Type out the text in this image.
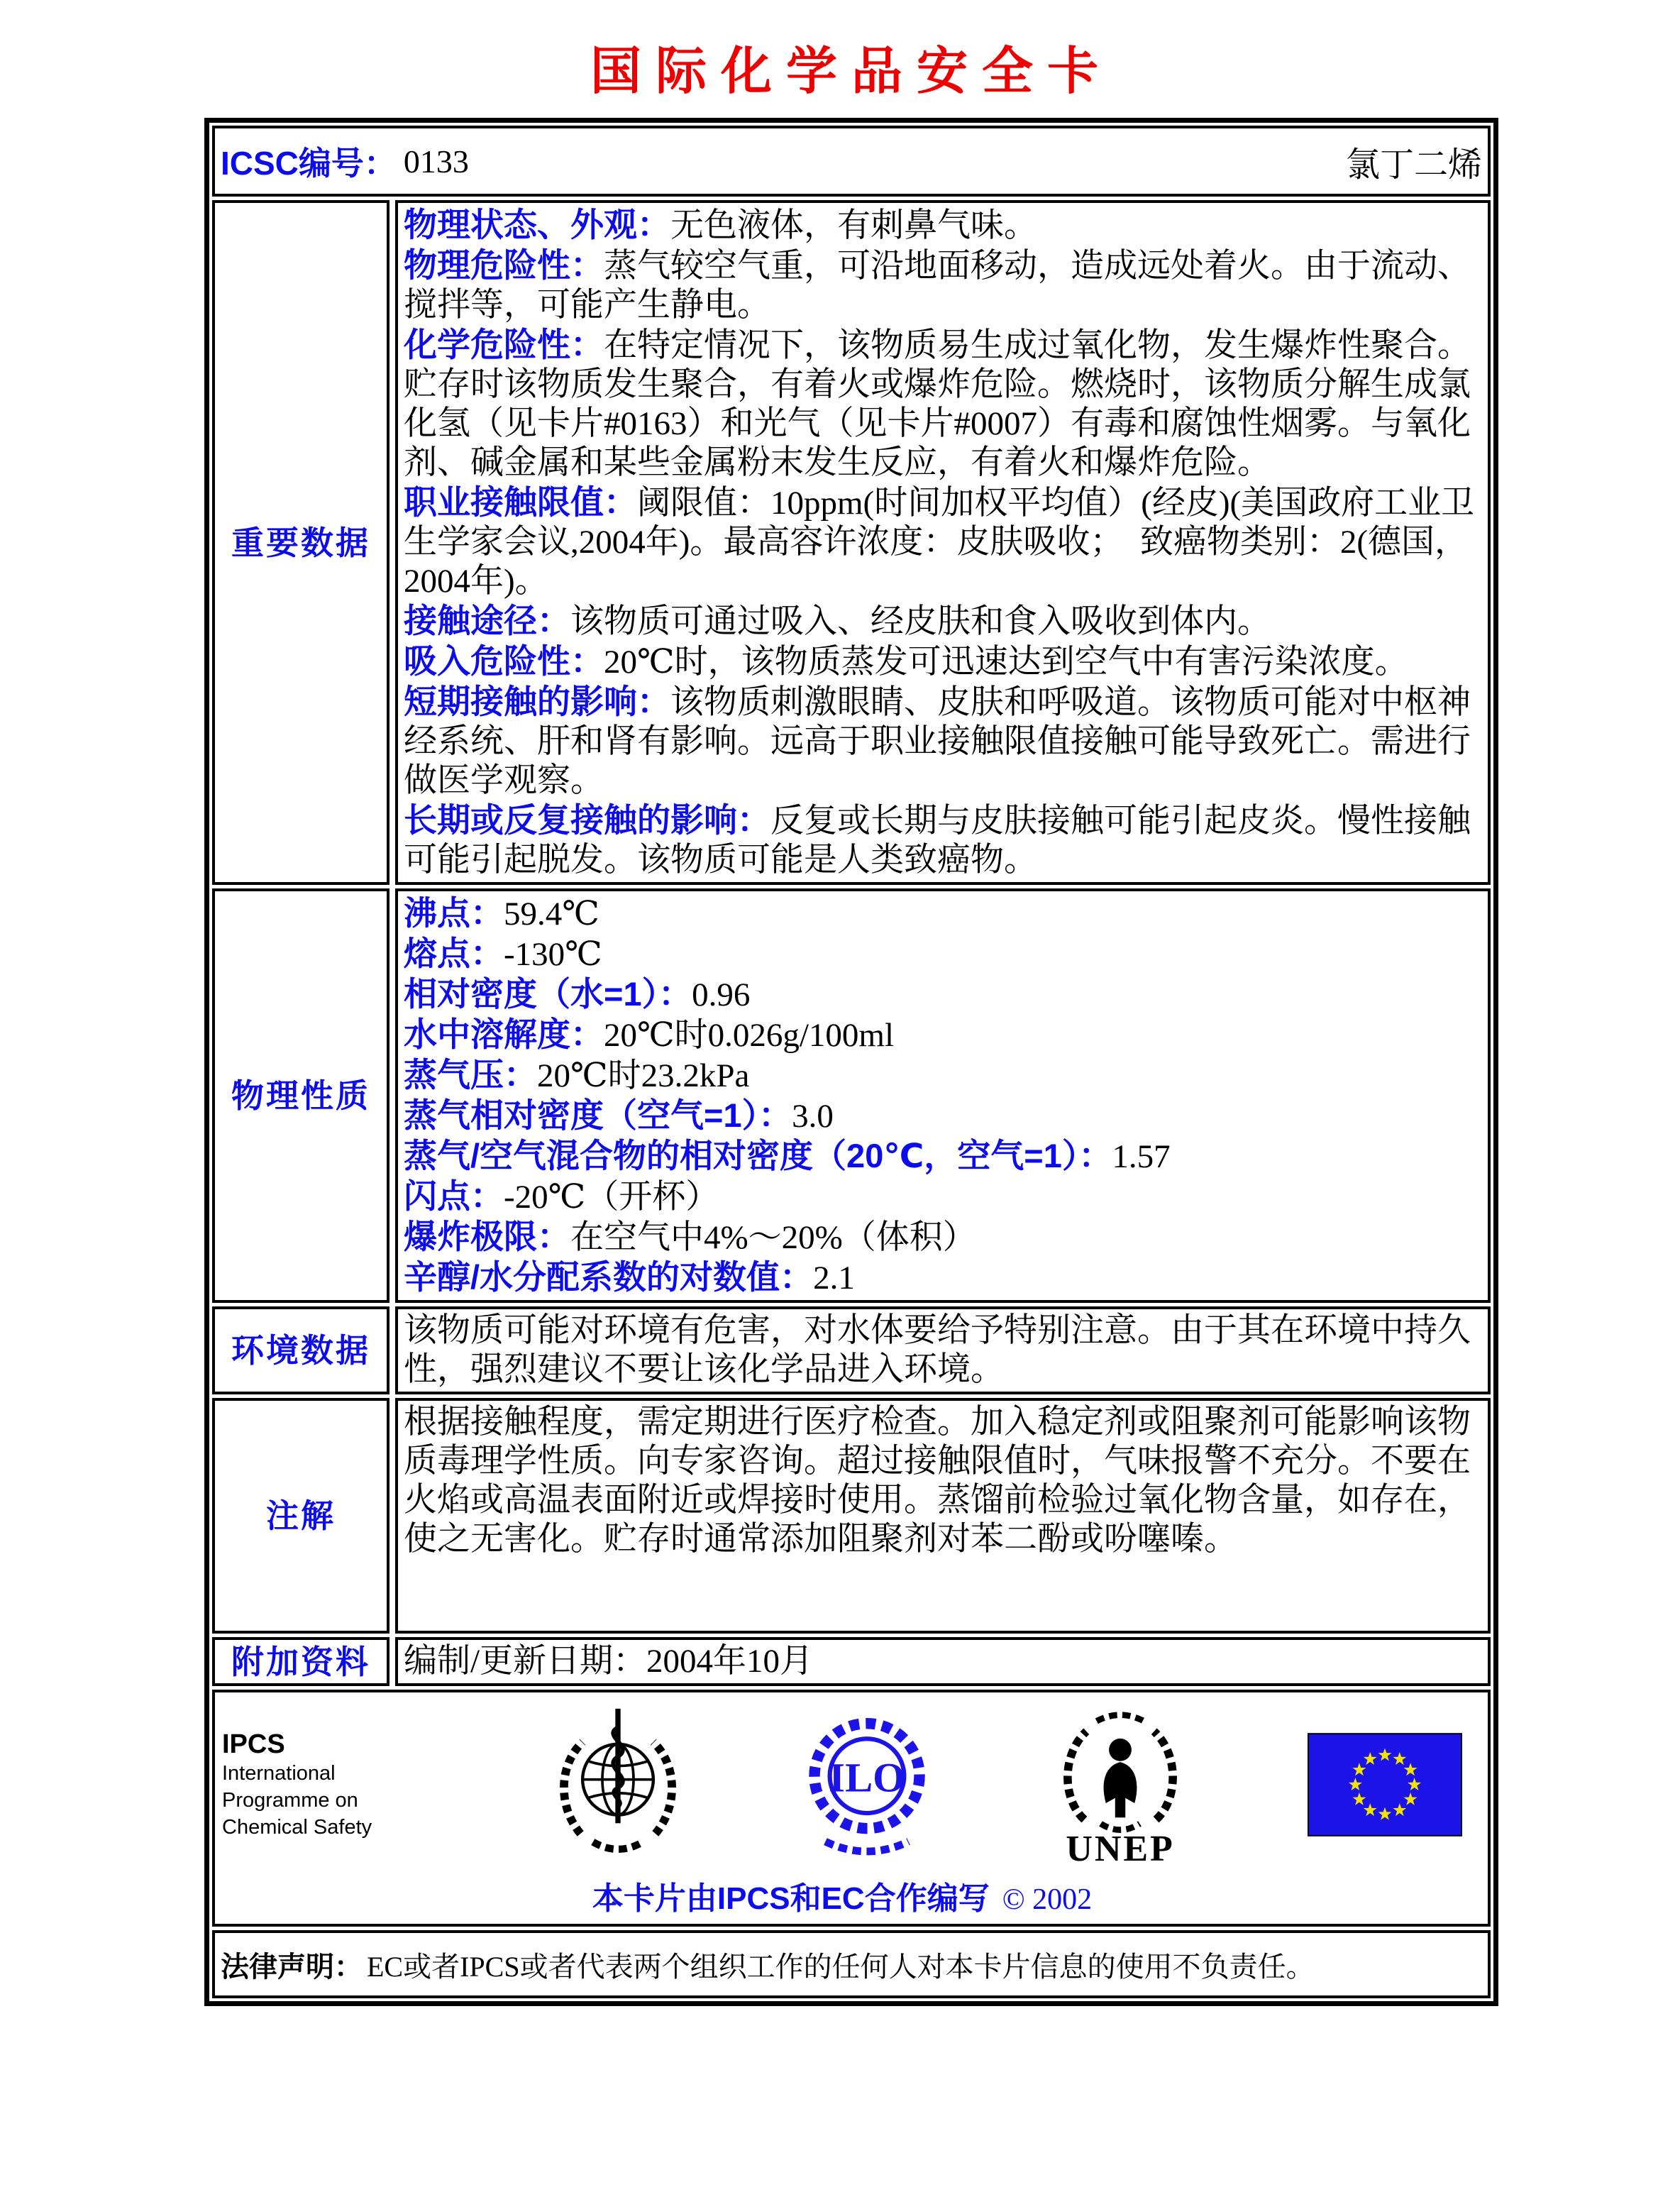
国际化学品安全卡
ICSC编号： 0133	氯丁二烯
重要数据
物理状态、外观：无色液体，有刺鼻气味。
物理危险性：蒸气较空气重，可沿地面移动，造成远处着火。由于流动、搅拌等，可能产生静电。
化学危险性：在特定情况下，该物质易生成过氧化物，发生爆炸性聚合。贮存时该物质发生聚合，有着火或爆炸危险。燃烧时，该物质分解生成氯化氢（见卡片#0163）和光气（见卡片#0007）有毒和腐蚀性烟雾。与氧化剂、碱金属和某些金属粉末发生反应，有着火和爆炸危险。
职业接触限值：阈限值：10ppm(时间加权平均值）(经皮)(美国政府工业卫生学家会议,2004年)。最高容许浓度：皮肤吸收；　致癌物类别：2(德国，2004年)。
接触途径：该物质可通过吸入、经皮肤和食入吸收到体内。
吸入危险性：20℃时，该物质蒸发可迅速达到空气中有害污染浓度。
短期接触的影响：该物质刺激眼睛、皮肤和呼吸道。该物质可能对中枢神经系统、肝和肾有影响。远高于职业接触限值接触可能导致死亡。需进行做医学观察。
长期或反复接触的影响：反复或长期与皮肤接触可能引起皮炎。慢性接触可能引起脱发。该物质可能是人类致癌物。
物理性质
沸点：59.4℃
熔点：-130℃
相对密度（水=1）：0.96
水中溶解度：20℃时0.026g/100ml
蒸气压：20℃时23.2kPa
蒸气相对密度（空气=1）：3.0
蒸气/空气混合物的相对密度（20℃，空气=1）：1.57
闪点：-20℃（开杯）
爆炸极限：在空气中4%～20%（体积）
辛醇/水分配系数的对数值：2.1
环境数据
该物质可能对环境有危害，对水体要给予特别注意。由于其在环境中持久性，强烈建议不要让该化学品进入环境。
注解
根据接触程度，需定期进行医疗检查。加入稳定剂或阻聚剂可能影响该物质毒理学性质。向专家咨询。超过接触限值时，气味报警不充分。不要在火焰或高温表面附近或焊接时使用。蒸馏前检验过氧化物含量，如存在，使之无害化。贮存时通常添加阻聚剂对苯二酚或吩噻嗪。
附加资料	编制/更新日期：2004年10月
IPCS
International
Programme on
Chemical Safety
ILO
UNEP
本卡片由IPCS和EC合作编写 © 2002
法律声明： EC或者IPCS或者代表两个组织工作的任何人对本卡片信息的使用不负责任。
